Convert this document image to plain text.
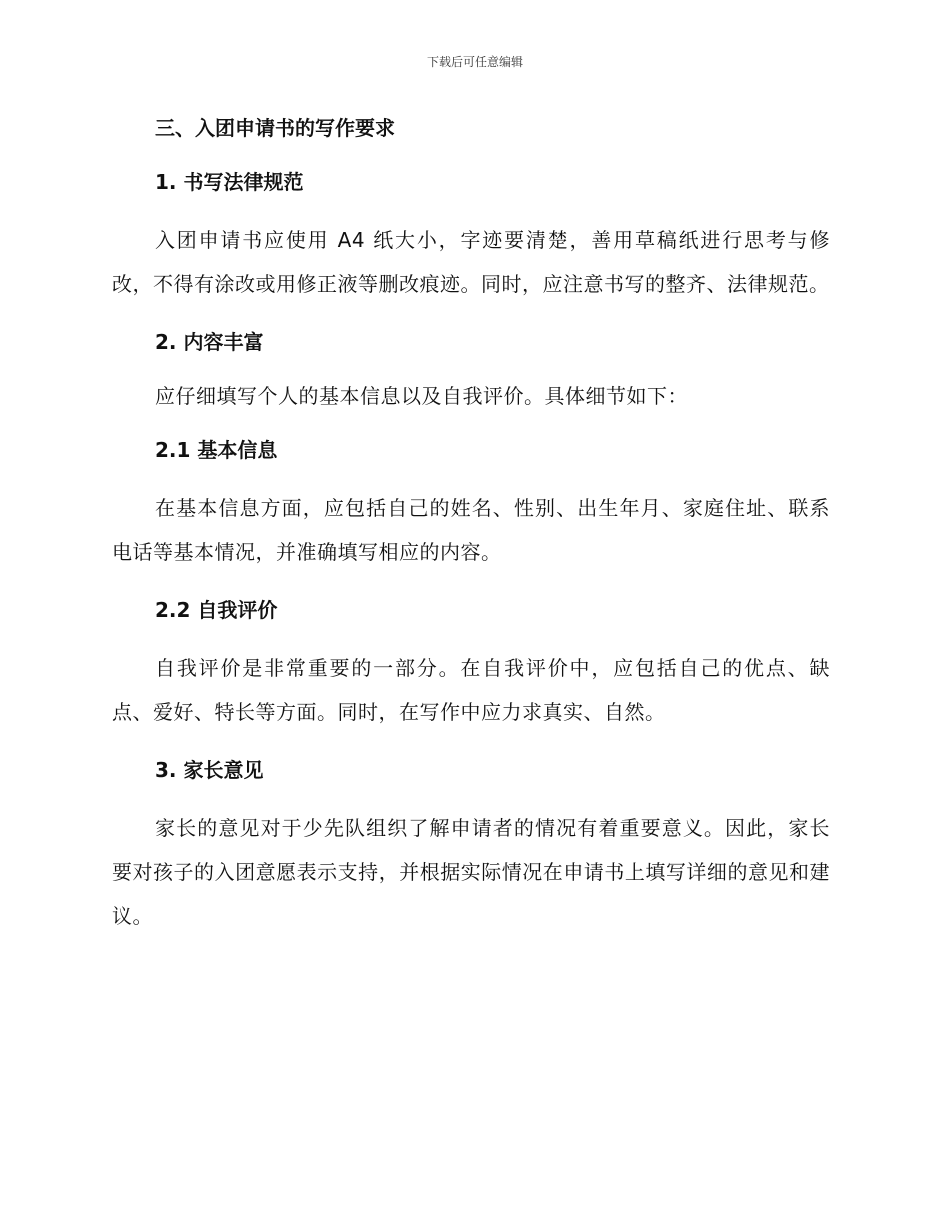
下载后可任意编辑
三、入团申请书的写作要求
1. 书写法律规范

入团申请书应使用 A4 纸大小，字迹要清楚，善用草稿纸进行思考与修改，不得有涂改或用修正液等删改痕迹。同时，应注意书写的整齐、法律规范。

2. 内容丰富

应仔细填写个人的基本信息以及自我评价。具体细节如下：

2.1 基本信息

在基本信息方面，应包括自己的姓名、性别、出生年月、家庭住址、联系电话等基本情况，并准确填写相应的内容。

2.2 自我评价

自我评价是非常重要的一部分。在自我评价中，应包括自己的优点、缺点、爱好、特长等方面。同时，在写作中应力求真实、自然。

3. 家长意见

家长的意见对于少先队组织了解申请者的情况有着重要意义。因此，家长要对孩子的入团意愿表示支持，并根据实际情况在申请书上填写详细的意见和建议。
